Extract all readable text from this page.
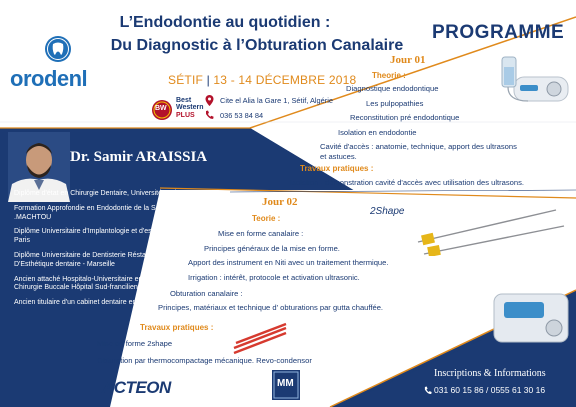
orodenl
L’Endodontie au quotidien :
Du Diagnostic à l’Obturation Canalaire
SÉTIF | 13 - 14 DÉCEMBRE 2018
BW
Best
Western
PLUS
Cite el Alia la Gare 1, Sétif, Algérie
036 53 84 84
PROGRAMME
Dr. Samir ARAISSIA
Diplôme d'état en Chirurgie Dentaire, Université Paris V
Formation Approfondie en Endodontie de la S S O P - P .MACHTOU
Diplôme Universitaire d'Implantologie et d'esthétique dentaire - Paris
Diplôme Universitaire de Dentisterie Réstauratrice et D'Esthétique dentaire - Marseille
Ancien attaché Hospitalo-Universitaire en Implantologie et Chirurgie Buccale Hôpital Sud-francilien
Ancien titulaire d'un cabinet dentaire en France
Jour 01
Theorie :
Diagnostique endodontique
Les pulpopathies
Reconstitution pré endodontique
Isolation en endodontie
Cavité d'accès : anatomie, technique, apport des ultrasons
et astuces.
Travaux pratiques :
Isolation - démonstration cavité d'accès avec utilisation des ultrasons.
Jour 02
Teorie :
Mise en forme canalaire :
Principes généraux de la mise en forme.
Apport des instrument en Niti avec un traitement thermique.
Irrigation : intérêt, protocole et activation ultrasonic.
Obturation canalaire :
Principes, matériaux et technique d' obturations par gutta chauffée.
Travaux pratiques :
Mise en forme 2shape
Obturation par thermocompactage mécanique. Revo-condensor
2Shape
Inscriptions & Informations
031 60 15 86 / 0555 61 30 16
ACTEON	MM
